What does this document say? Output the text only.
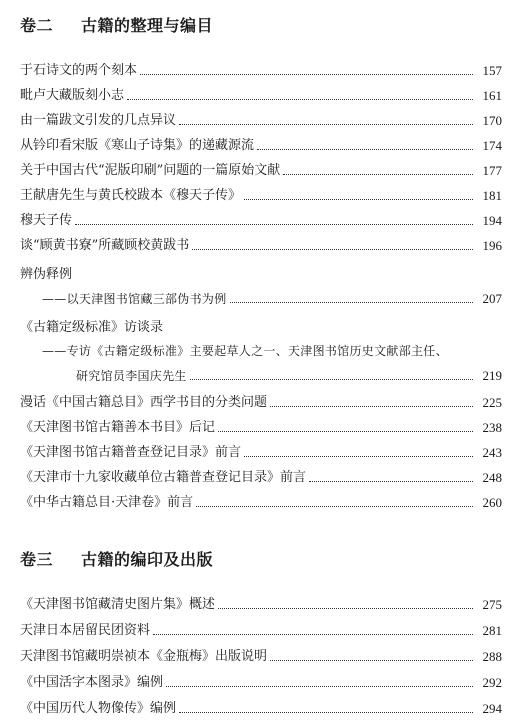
卷二 古籍的整理与编目
于石诗文的两个刻本	157
毗卢大藏版刻小志	161
由一篇跋文引发的几点异议	170
从钤印看宋版《寒山子诗集》的递藏源流	174
关于中国古代“泥版印刷”问题的一篇原始文献	177
王献唐先生与黄氏校跋本《穆天子传》	181
穆天子传	194
谈“顾黄书寮”所藏顾校黄跋书	196
辨伪释例
——以天津图书馆藏三部伪书为例	207
《古籍定级标准》访谈录
——专访《古籍定级标准》主要起草人之一、天津图书馆历史文献部主任、
研究馆员李国庆先生	219
漫话《中国古籍总目》西学书目的分类问题	225
《天津图书馆古籍善本书目》后记	238
《天津图书馆古籍普查登记目录》前言	243
《天津市十九家收藏单位古籍普查登记目录》前言	248
《中华古籍总目·天津卷》前言	260
卷三 古籍的编印及出版
《天津图书馆藏清史图片集》概述	275
天津日本居留民团资料	281
天津图书馆藏明崇祯本《金瓶梅》出版说明	288
《中国活字本图录》编例	292
《中国历代人物像传》编例	294
